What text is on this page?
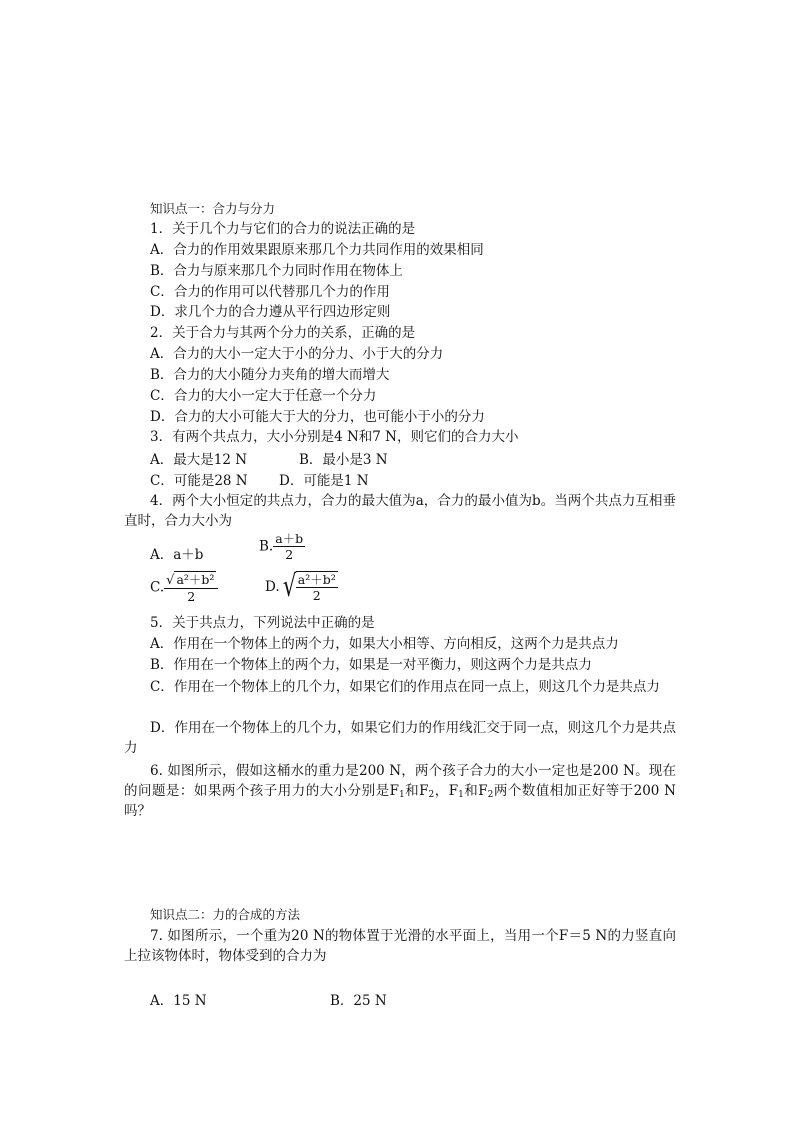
知识点一：合力与分力
1．关于几个力与它们的合力的说法正确的是
A．合力的作用效果跟原来那几个力共同作用的效果相同
B．合力与原来那几个力同时作用在物体上
C．合力的作用可以代替那几个力的作用
D．求几个力的合力遵从平行四边形定则
2．关于合力与其两个分力的关系，正确的是
A．合力的大小一定大于小的分力、小于大的分力
B．合力的大小随分力夹角的增大而增大
C．合力的大小一定大于任意一个分力
D．合力的大小可能大于大的分力，也可能小于小的分力
3．有两个共点力，大小分别是4 N和7 N，则它们的合力大小
A．最大是12 N	B．最小是3 N
C．可能是28 N D．可能是1 N
4．两个大小恒定的共点力，合力的最大值为a，合力的最小值为b。当两个共点力互相垂直时，合力大小为
A．a＋b
B. $\frac{a+b}{2}$
C. $\frac{\text{√ a²＋b²}}{2}$	$D.√ \frac{\text{a²＋b²}}{2}$
5．关于共点力，下列说法中正确的是
A．作用在一个物体上的两个力，如果大小相等、方向相反，这两个力是共点力
B．作用在一个物体上的两个力，如果是一对平衡力，则这两个力是共点力
C．作用在一个物体上的几个力，如果它们的作用点在同一点上，则这几个力是共点力
D．作用在一个物体上的几个力，如果它们力的作用线汇交于同一点，则这几个力是共点力
6. 如图所示，假如这桶水的重力是200 N，两个孩子合力的大小一定也是200 N。现在的问题是：如果两个孩子用力的大小分别是$F_1$和$F_2$，$F_1$和$F_2$两个数值相加正好等于200 N吗？
知识点二：力的合成的方法
7. 如图所示，一个重为20 N的物体置于光滑的水平面上，当用一个F＝5 N的力竖直向上拉该物体时，物体受到的合力为
A．15 N	B．25 N
